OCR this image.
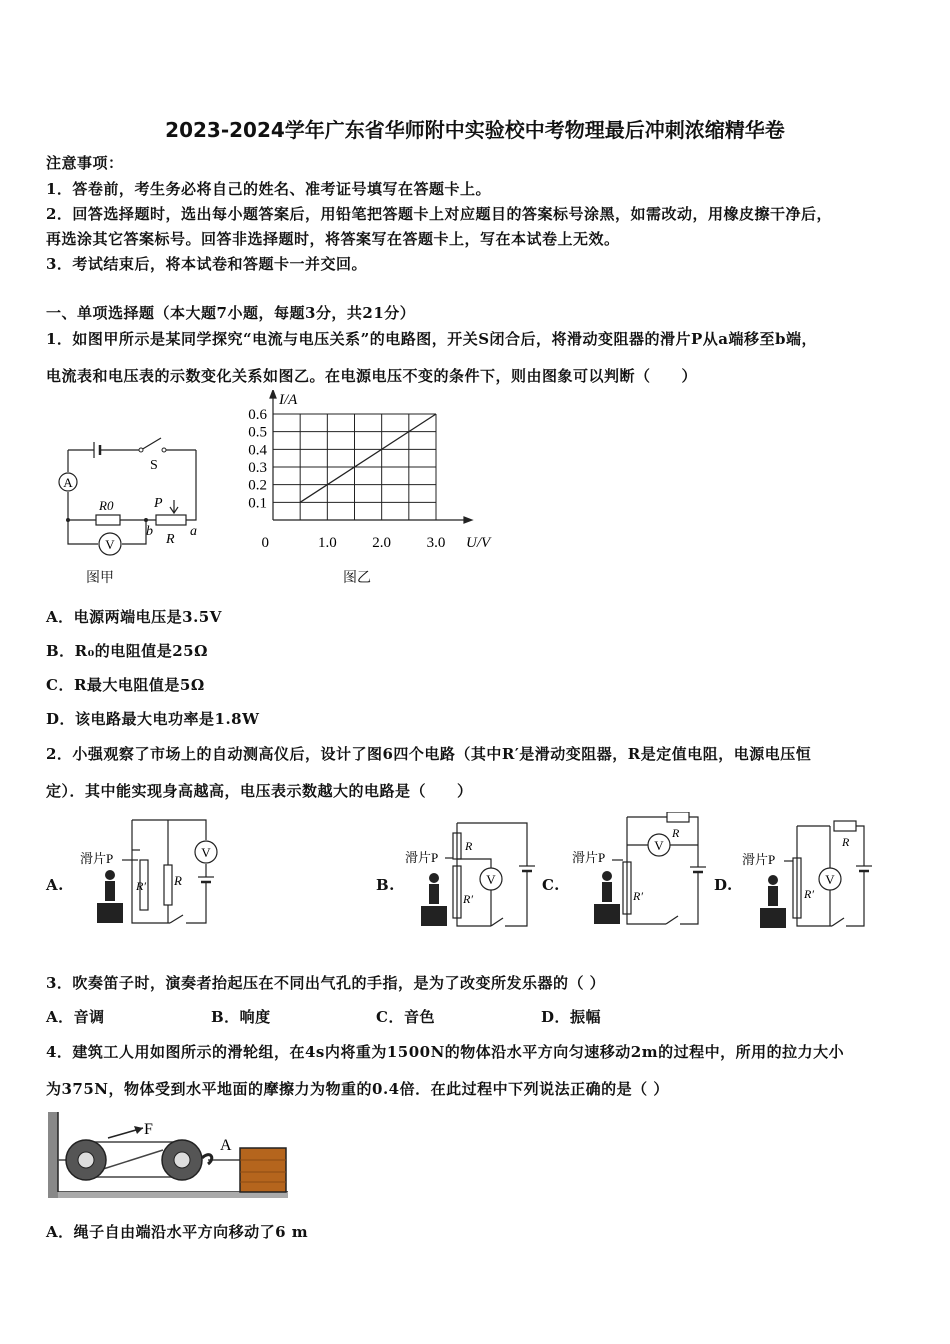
2023-2024学年广东省华师附中实验校中考物理最后冲刺浓缩精华卷
注意事项：
1．答卷前，考生务必将自己的姓名、准考证号填写在答题卡上。
2．回答选择题时，选出每小题答案后，用铅笔把答题卡上对应题目的答案标号涂黑，如需改动，用橡皮擦干净后，
再选涂其它答案标号。回答非选择题时，将答案写在答题卡上，写在本试卷上无效。
3．考试结束后，将本试卷和答题卡一并交回。
一、单项选择题（本大题7小题，每题3分，共21分）
1．如图甲所示是某同学探究“电流与电压关系”的电路图，开关S闭合后，将滑动变阻器的滑片P从a端移至b端，
电流表和电压表的示数变化关系如图乙。在电源电压不变的条件下，则由图象可以判断（　　）
A
V
S
R0	P
R
a
b
图甲
1.0 2.0 3.0
0.1
0.2
0.3
0.4
0.5
0.6
0	U/V
I/A
图乙
A．电源两端电压是3.5V
B．R₀的电阻值是25Ω
C．R最大电阻值是5Ω
D．该电路最大电功率是1.8W
2．小强观察了市场上的自动测高仪后，设计了图6四个电路（其中R′是滑动变阻器，R是定值电阻，电源电压恒
定）．其中能实现身高越高，电压表示数越大的电路是（　　）
A.
V
滑片P
R′ R	B.	V
滑片P
R
R′
C.
V
滑片P
R
R′
D.	V
滑片P
R
R′
3．吹奏笛子时，演奏者抬起压在不同出气孔的手指，是为了改变所发乐器的（ ）
A．音调	B．响度	C．音色	D．振幅
4．建筑工人用如图所示的滑轮组，在4s内将重为1500N的物体沿水平方向匀速移动2m的过程中，所用的拉力大小
为375N，物体受到水平地面的摩擦力为物重的0.4倍．在此过程中下列说法正确的是（ ）
F
A
A．绳子自由端沿水平方向移动了6 m
